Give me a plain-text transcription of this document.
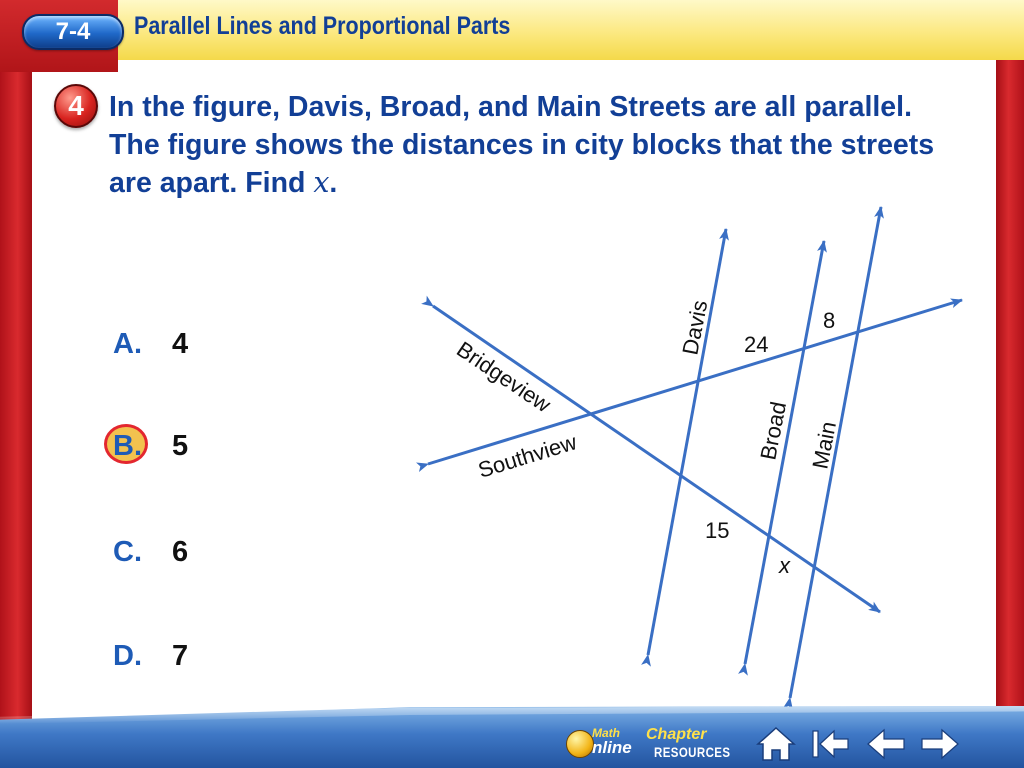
7-4	Parallel Lines and Proportional Parts
4 In the figure, Davis, Broad, and Main Streets are all parallel. The figure shows the distances in city blocks that the streets are apart. Find x.

A. 4
B. 5
C. 6
D. 7
Davis
Broad Main
Bridgeview
Southview
24
8
15
x
Math
nline
Chapter
RESOURCES
